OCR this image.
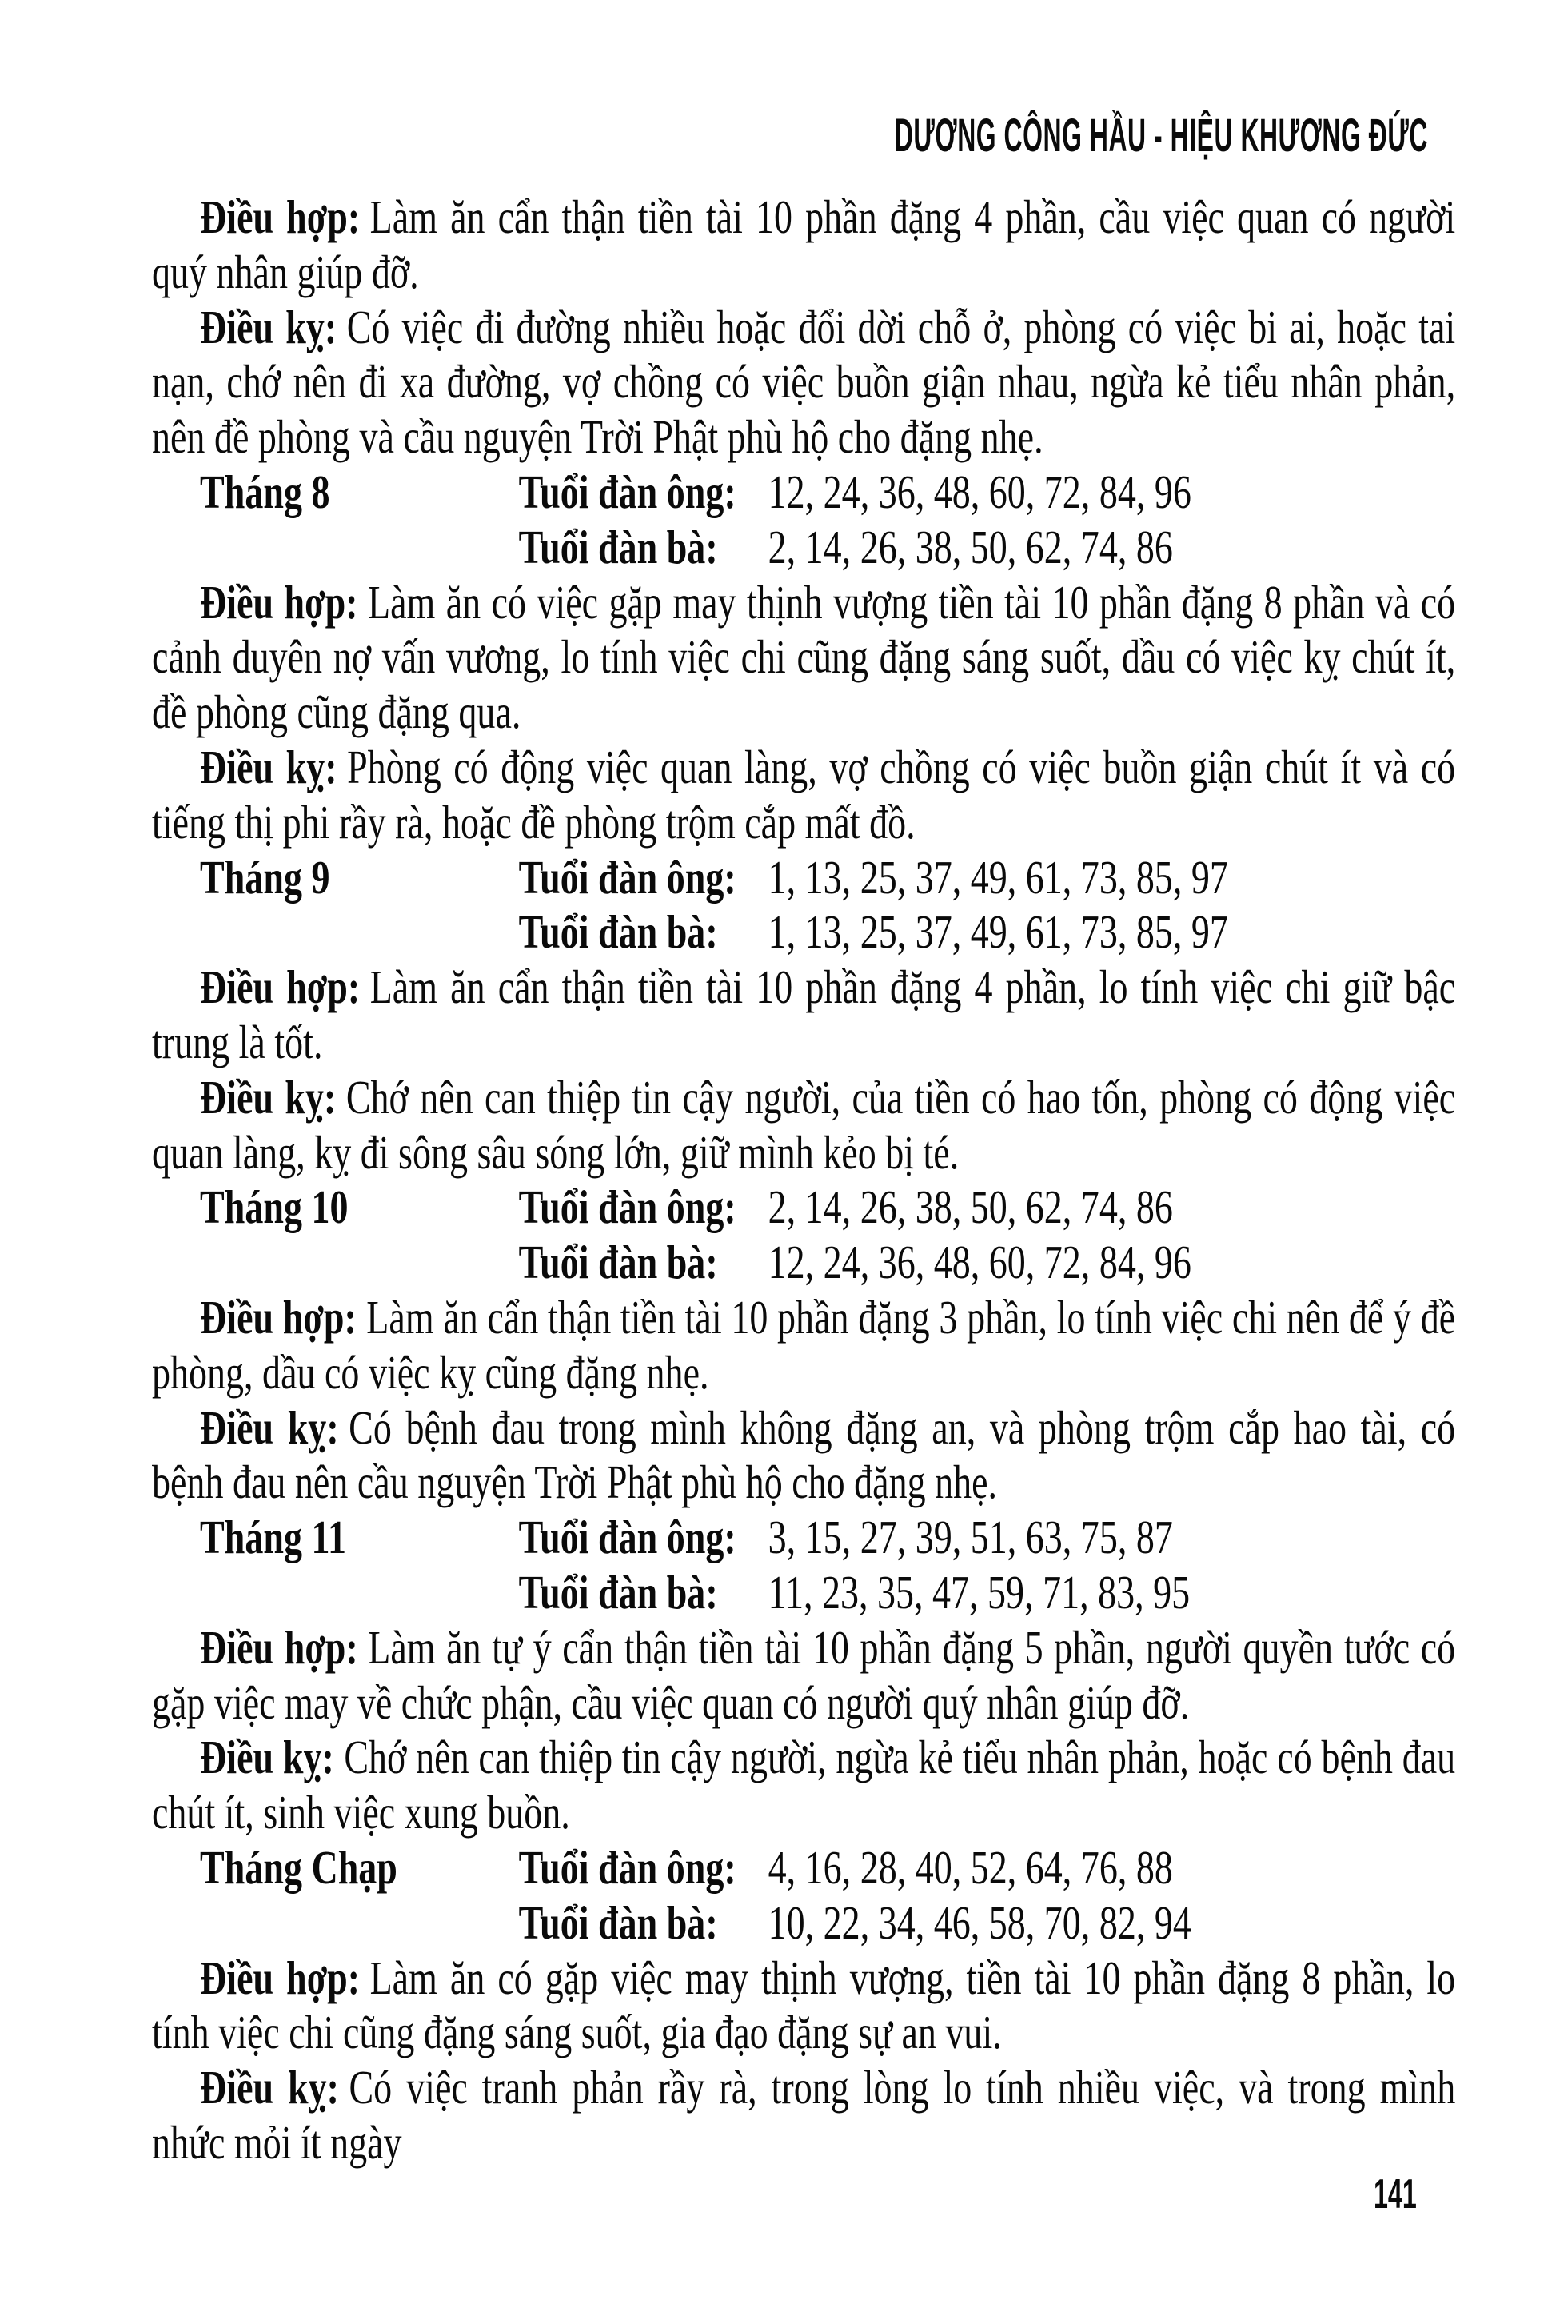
DƯƠNG CÔNG HẦU - HIỆU KHƯƠNG ĐỨC

Điều hợp: Làm ăn cẩn thận tiền tài 10 phần đặng 4 phần, cầu việc quan có người quý nhân giúp đỡ.

Điều kỵ: Có việc đi đường nhiều hoặc đổi dời chỗ ở, phòng có việc bi ai, hoặc tai nạn, chớ nên đi xa đường, vợ chồng có việc buồn giận nhau, ngừa kẻ tiểu nhân phản, nên đề phòng và cầu nguyện Trời Phật phù hộ cho đặng nhẹ.

Tháng 8	Tuổi đàn ông: 12, 24, 36, 48, 60, 72, 84, 96
Tuổi đàn bà:	2, 14, 26, 38, 50, 62, 74, 86

Điều hợp: Làm ăn có việc gặp may thịnh vượng tiền tài 10 phần đặng 8 phần và có cảnh duyên nợ vấn vương, lo tính việc chi cũng đặng sáng suốt, dầu có việc kỵ chút ít, đề phòng cũng đặng qua.

Điều kỵ: Phòng có động việc quan làng, vợ chồng có việc buồn giận chút ít và có tiếng thị phi rầy rà, hoặc đề phòng trộm cắp mất đồ.

Tháng 9	Tuổi đàn ông: 1, 13, 25, 37, 49, 61, 73, 85, 97
Tuổi đàn bà:	1, 13, 25, 37, 49, 61, 73, 85, 97

Điều hợp: Làm ăn cẩn thận tiền tài 10 phần đặng 4 phần, lo tính việc chi giữ bậc trung là tốt.

Điều kỵ: Chớ nên can thiệp tin cậy người, của tiền có hao tốn, phòng có động việc quan làng, kỵ đi sông sâu sóng lớn, giữ mình kẻo bị té.

Tháng 10	Tuổi đàn ông: 2, 14, 26, 38, 50, 62, 74, 86
Tuổi đàn bà:	12, 24, 36, 48, 60, 72, 84, 96

Điều hợp: Làm ăn cẩn thận tiền tài 10 phần đặng 3 phần, lo tính việc chi nên để ý đề phòng, dầu có việc kỵ cũng đặng nhẹ.

Điều kỵ: Có bệnh đau trong mình không đặng an, và phòng trộm cắp hao tài, có bệnh đau nên cầu nguyện Trời Phật phù hộ cho đặng nhẹ.

Tháng 11	Tuổi đàn ông: 3, 15, 27, 39, 51, 63, 75, 87
Tuổi đàn bà:	11, 23, 35, 47, 59, 71, 83, 95

Điều hợp: Làm ăn tự ý cẩn thận tiền tài 10 phần đặng 5 phần, người quyền tước có gặp việc may về chức phận, cầu việc quan có người quý nhân giúp đỡ.

Điều kỵ: Chớ nên can thiệp tin cậy người, ngừa kẻ tiểu nhân phản, hoặc có bệnh đau chút ít, sinh việc xung buồn.

Tháng Chạp	Tuổi đàn ông: 4, 16, 28, 40, 52, 64, 76, 88
Tuổi đàn bà:	10, 22, 34, 46, 58, 70, 82, 94

Điều hợp: Làm ăn có gặp việc may thịnh vượng, tiền tài 10 phần đặng 8 phần, lo tính việc chi cũng đặng sáng suốt, gia đạo đặng sự an vui.

Điều kỵ: Có việc tranh phản rầy rà, trong lòng lo tính nhiều việc, và trong mình nhức mỏi ít ngày

141
